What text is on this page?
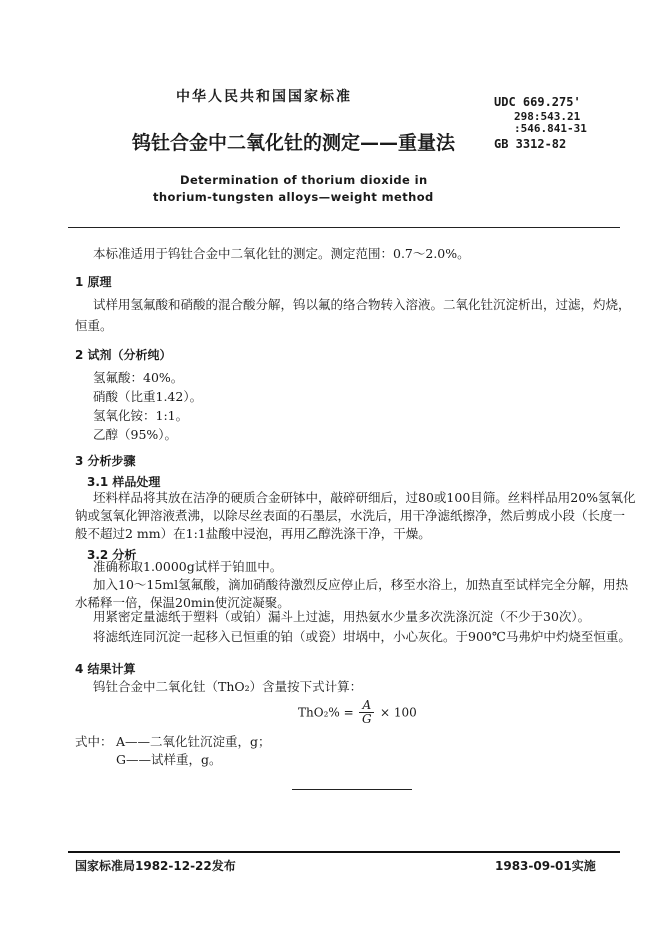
中华人民共和国国家标准	UDC 669.275'
298:543.21
:546.841-31
GB 3312-82
钨钍合金中二氧化钍的测定——重量法
Determination of thorium dioxide in
thorium-tungsten alloys—weight method
本标准适用于钨钍合金中二氧化钍的测定。测定范围：0.7～2.0%。
1 原理
试样用氢氟酸和硝酸的混合酸分解，钨以氟的络合物转入溶液。二氧化钍沉淀析出，过滤，灼烧，
恒重。
2 试剂（分析纯）
氢氟酸：40%。
硝酸（比重1.42）。
氢氧化铵：1:1。
乙醇（95%）。
3 分析步骤
3.1 样品处理
坯料样品将其放在洁净的硬质合金研钵中，敲碎研细后，过80或100目筛。丝料样品用20%氢氧化
钠或氢氧化钾溶液煮沸，以除尽丝表面的石墨层，水洗后，用干净滤纸擦净，然后剪成小段（长度一
般不超过2 mm）在1:1盐酸中浸泡，再用乙醇洗涤干净，干燥。
3.2 分析
准确称取1.0000g试样于铂皿中。
加入10～15ml氢氟酸，滴加硝酸待激烈反应停止后，移至水浴上，加热直至试样完全分解，用热
水稀释一倍，保温20min使沉淀凝聚。
用紧密定量滤纸于塑料（或铂）漏斗上过滤，用热氨水少量多次洗涤沉淀（不少于30次）。
将滤纸连同沉淀一起移入已恒重的铂（或瓷）坩埚中，小心灰化。于900℃马弗炉中灼烧至恒重。
4 结果计算
钨钍合金中二氧化钍（ThO₂）含量按下式计算：
$ThO_2\% = \frac{A}{G} \times 100$
式中： A——二氧化钍沉淀重，g；
G——试样重，g。
国家标准局1982-12-22发布	1983-09-01实施
